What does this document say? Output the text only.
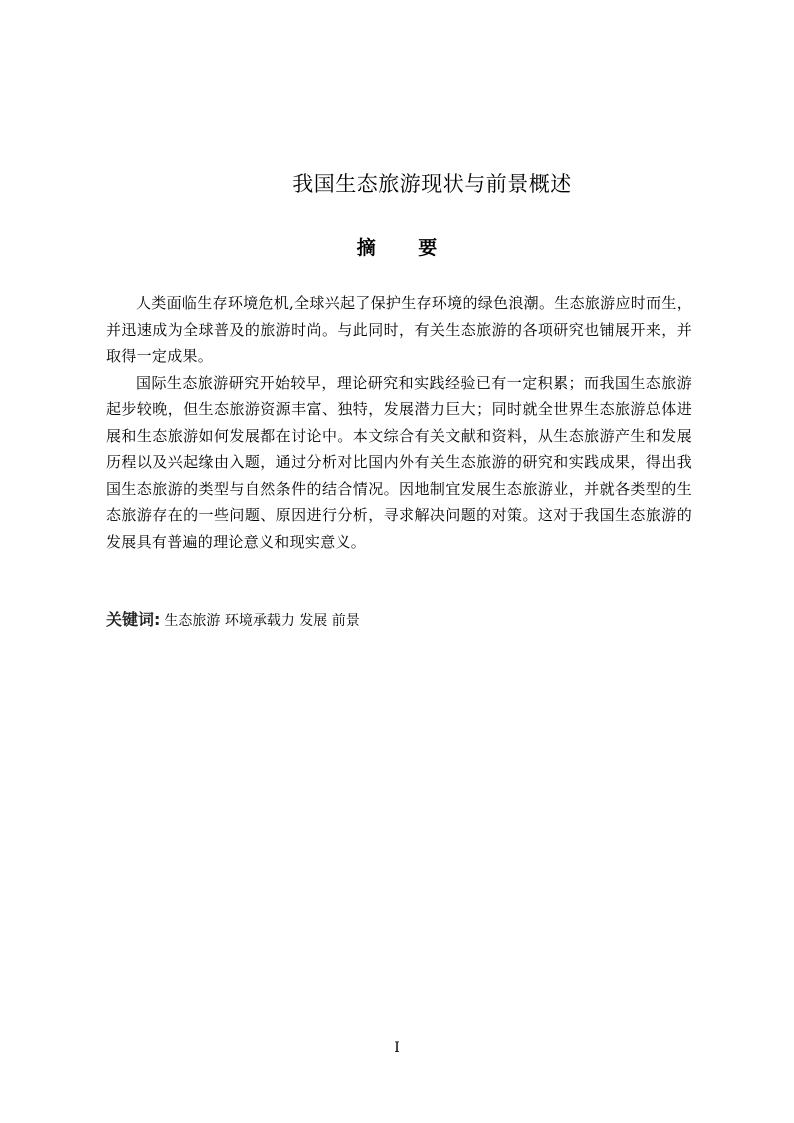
我国生态旅游现状与前景概述
摘 要

人类面临生存环境危机,全球兴起了保护生存环境的绿色浪潮。生态旅游应时而生，并迅速成为全球普及的旅游时尚。与此同时，有关生态旅游的各项研究也铺展开来，并取得一定成果。

国际生态旅游研究开始较早，理论研究和实践经验已有一定积累；而我国生态旅游起步较晚，但生态旅游资源丰富、独特，发展潜力巨大；同时就全世界生态旅游总体进展和生态旅游如何发展都在讨论中。本文综合有关文献和资料，从生态旅游产生和发展历程以及兴起缘由入题，通过分析对比国内外有关生态旅游的研究和实践成果，得出我国生态旅游的类型与自然条件的结合情况。因地制宜发展生态旅游业，并就各类型的生态旅游存在的一些问题、原因进行分析，寻求解决问题的对策。这对于我国生态旅游的发展具有普遍的理论意义和现实意义。

关键词: 生态旅游 环境承载力 发展 前景
I
